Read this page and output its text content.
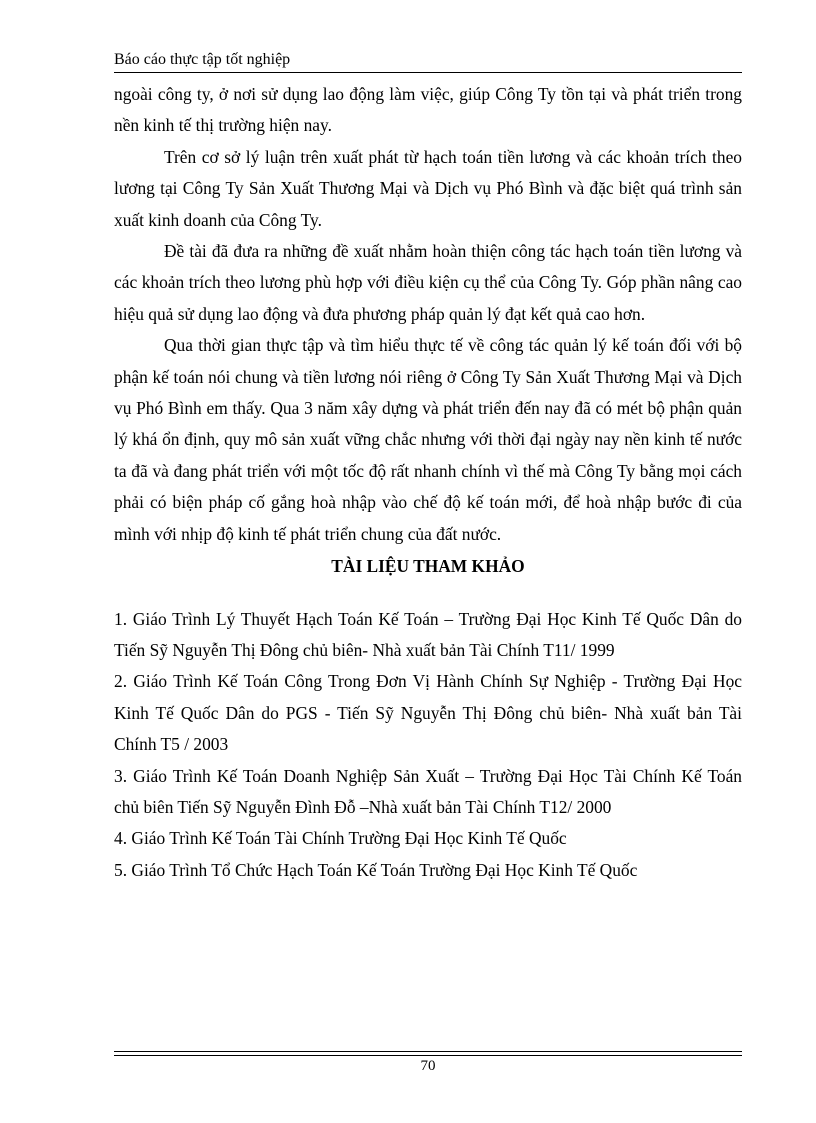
Báo cáo thực tập tốt nghiệp

ngoài công ty, ở nơi sử dụng lao động làm việc, giúp Công Ty tồn tại và phát triển trong nền kinh tế thị trường hiện nay.

Trên cơ sở lý luận trên xuất phát từ hạch toán tiền lương và các khoản trích theo lương tại Công Ty Sản Xuất Thương Mại và Dịch vụ Phó Bình và đặc biệt quá trình sản xuất kinh doanh của Công Ty.

Đề tài đã đưa ra những đề xuất nhằm hoàn thiện công tác hạch toán tiền lương và các khoản trích theo lương phù hợp với điều kiện cụ thể của Công Ty. Góp phần nâng cao hiệu quả sử dụng lao động và đưa phương pháp quản lý đạt kết quả cao hơn.

Qua thời gian thực tập và tìm hiểu thực tế về công tác quản lý kế toán đối với bộ phận kế toán nói chung và tiền lương nói riêng ở Công Ty Sản Xuất Thương Mại và Dịch vụ Phó Bình em thấy. Qua 3 năm xây dựng và phát triển đến nay đã có mét bộ phận quản lý khá ổn định, quy mô sản xuất vững chắc nhưng với thời đại ngày nay nền kinh tế nước ta đã và đang phát triển với một tốc độ rất nhanh chính vì thế mà Công Ty bằng mọi cách phải có biện pháp cố gắng hoà nhập vào chế độ kế toán mới, để hoà nhập bước đi của mình với nhịp độ kinh tế phát triển chung của đất nước.

TÀI LIỆU THAM KHẢO

1. Giáo Trình Lý Thuyết Hạch Toán Kế Toán – Trường Đại Học Kinh Tế Quốc Dân do Tiến Sỹ Nguyễn Thị Đông chủ biên- Nhà xuất bản Tài Chính T11/ 1999

2. Giáo Trình Kế Toán Công Trong Đơn Vị Hành Chính Sự Nghiệp - Trường Đại Học Kinh Tế Quốc Dân do PGS - Tiến Sỹ Nguyễn Thị Đông chủ biên- Nhà xuất bản Tài Chính T5 / 2003

3. Giáo Trình Kế Toán Doanh Nghiệp Sản Xuất – Trường Đại Học Tài Chính Kế Toán chủ biên Tiến Sỹ Nguyễn Đình Đỗ –Nhà xuất bản Tài Chính T12/ 2000

4. Giáo Trình Kế Toán Tài Chính Trường Đại Học Kinh Tế Quốc

5. Giáo Trình Tổ Chức Hạch Toán Kế Toán Trường Đại Học Kinh Tế Quốc

70
